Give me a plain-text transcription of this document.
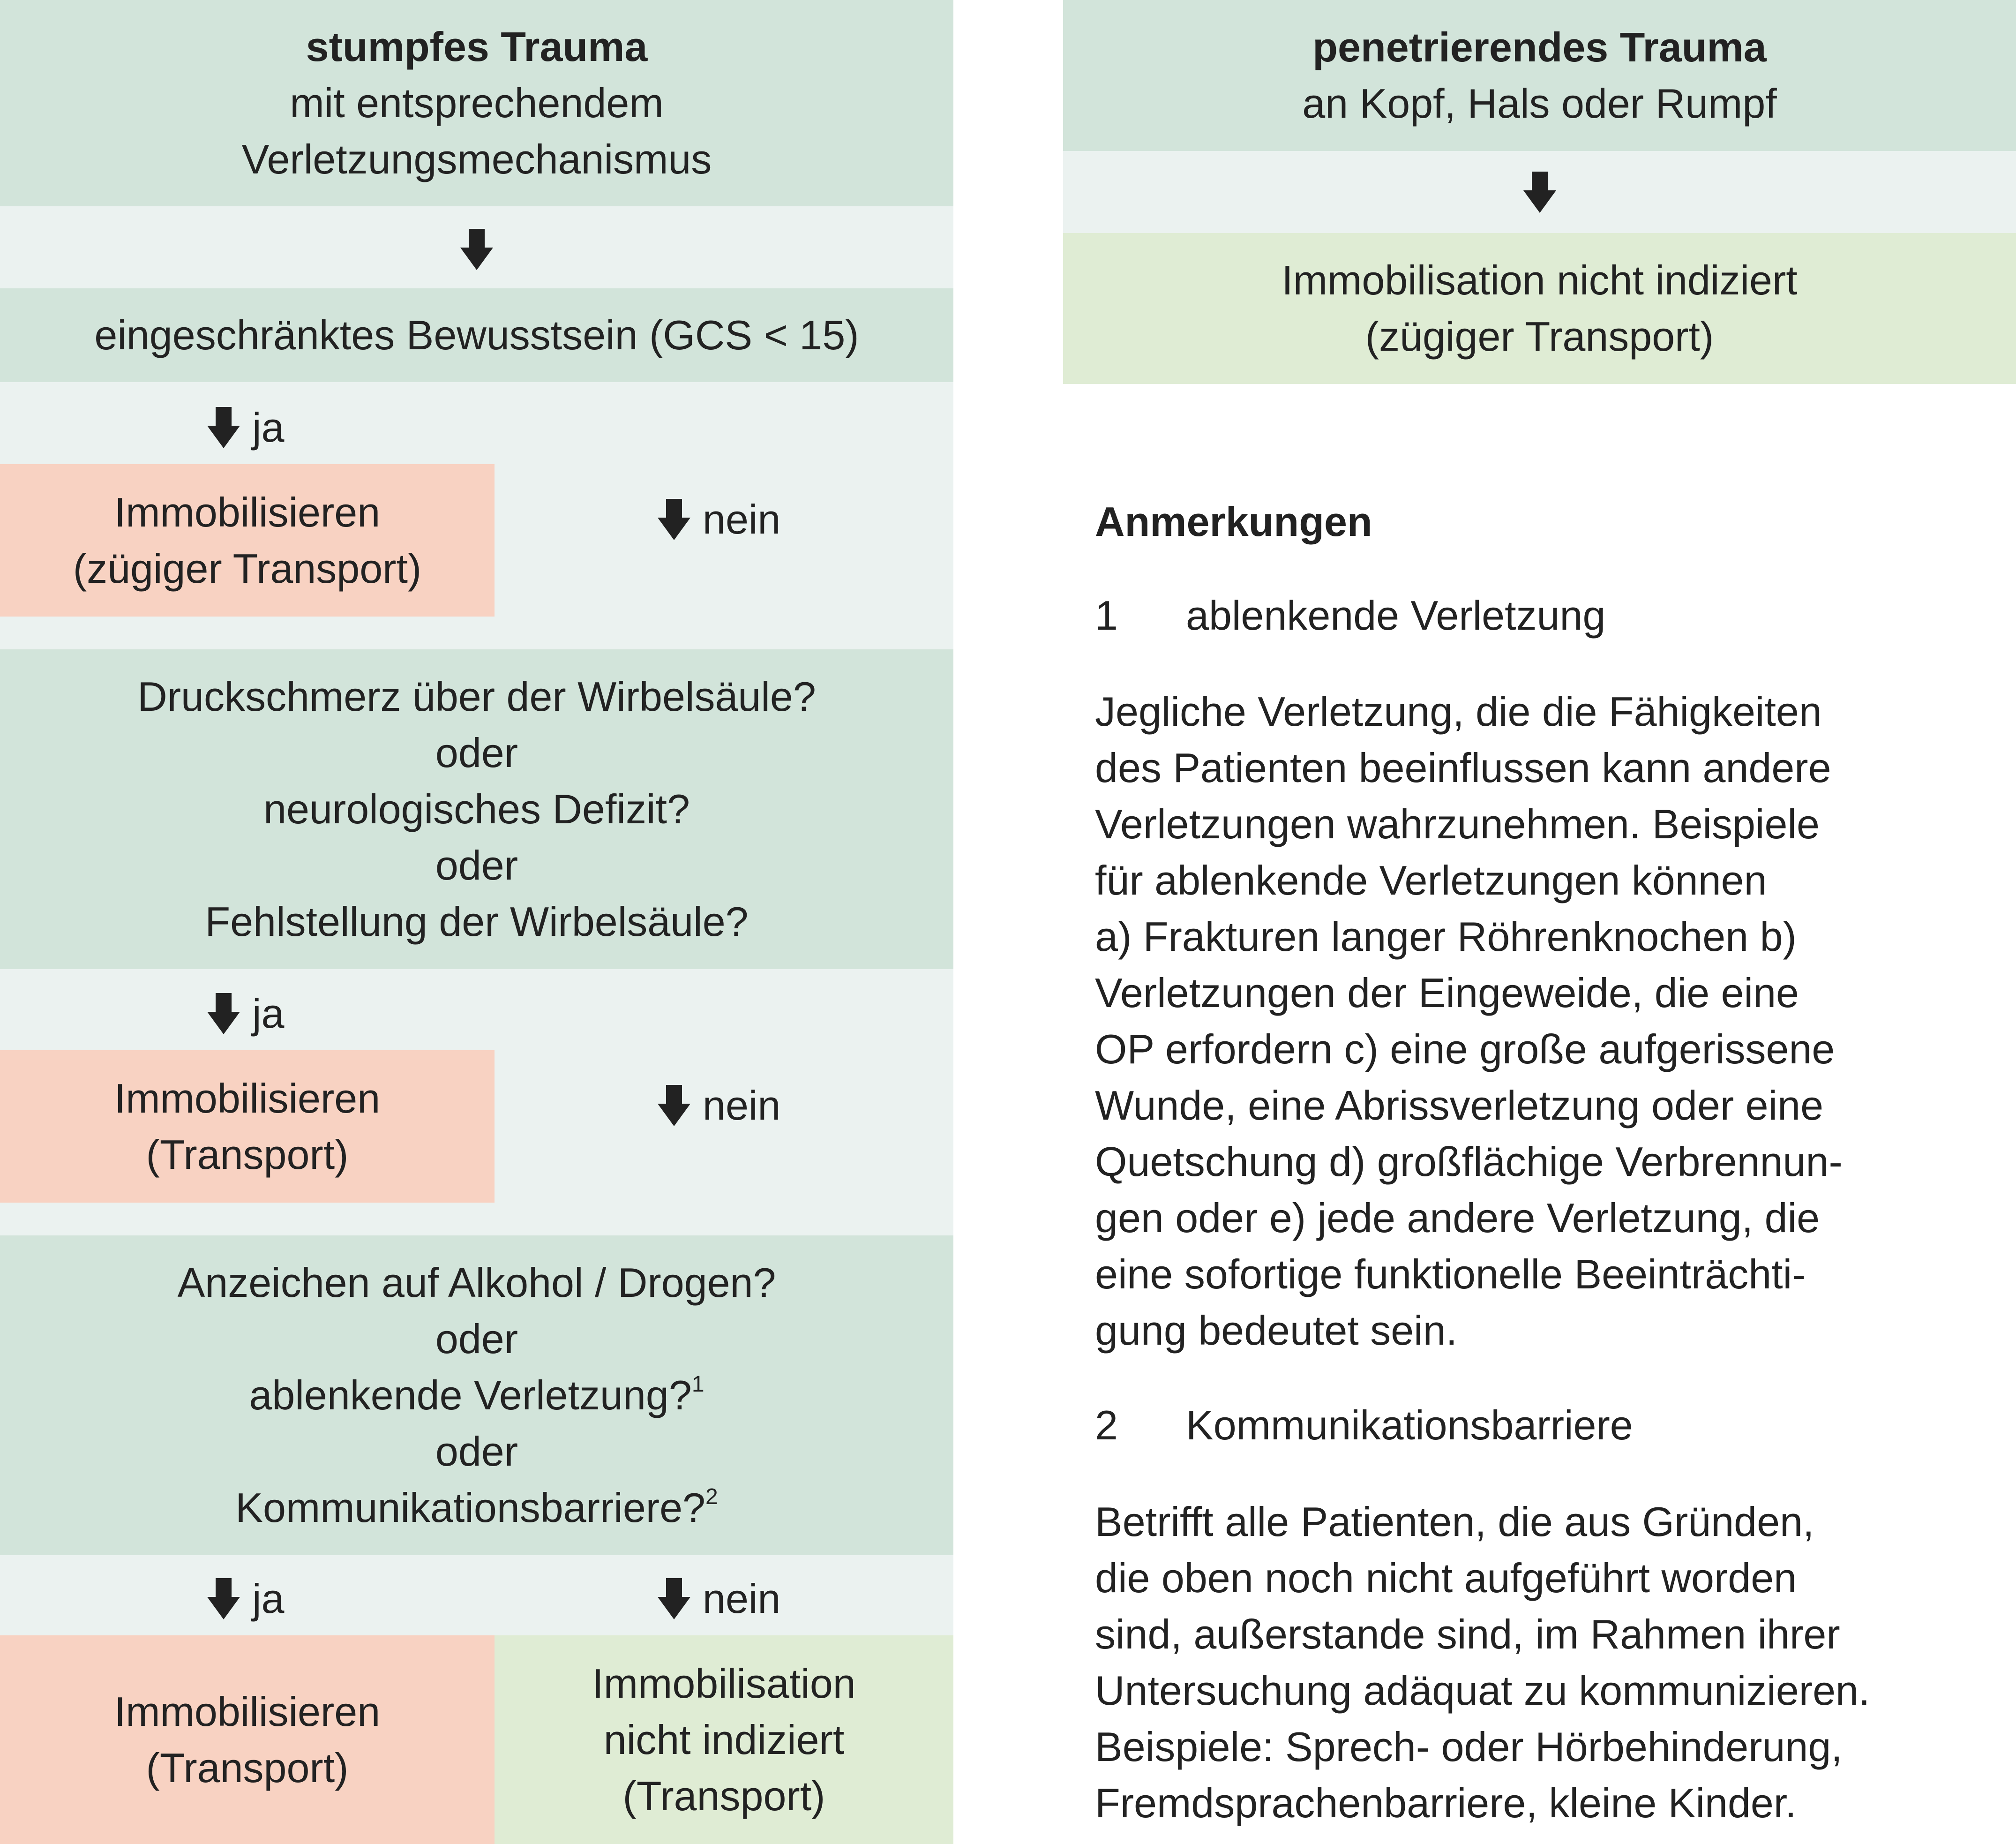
stumpfes Trauma
mit entsprechendem
Verletzungsmechanismus
eingeschränktes Bewusstsein (GCS < 15)
ja
Immobilisieren
(zügiger Transport)
nein
Druckschmerz über der Wirbelsäule?
oder
neurologisches Defizit?
oder
Fehlstellung der Wirbelsäule?
ja
Immobilisieren
(Transport)
nein
Anzeichen auf Alkohol / Drogen?
oder
ablenkende Verletzung?$^1$
oder
Kommunikationsbarriere?$^2$
ja	nein
Immobilisieren
(Transport)
Immobilisation
nicht indiziert
(Transport)
penetrierendes Trauma
an Kopf, Hals oder Rumpf
Immobilisation nicht indiziert
(zügiger Transport)
Anmerkungen
1	ablenkende Verletzung
Jegliche Verletzung, die die Fähigkeiten
des Patienten beeinflussen kann andere
Verletzungen wahrzunehmen. Beispiele
für ablenkende Verletzungen können
a) Frakturen langer Röhrenknochen b)
Verletzungen der Eingeweide, die eine
OP erfordern c) eine große aufgerissene
Wunde, eine Abrissverletzung oder eine
Quetschung d) großflächige Verbrennun-
gen oder e) jede andere Verletzung, die
eine sofortige funktionelle Beeinträchti-
gung bedeutet sein.
2	Kommunikationsbarriere
Betrifft alle Patienten, die aus Gründen,
die oben noch nicht aufgeführt worden
sind, außerstande sind, im Rahmen ihrer
Untersuchung adäquat zu kommunizieren.
Beispiele: Sprech- oder Hörbehinderung,
Fremdsprachenbarriere, kleine Kinder.
